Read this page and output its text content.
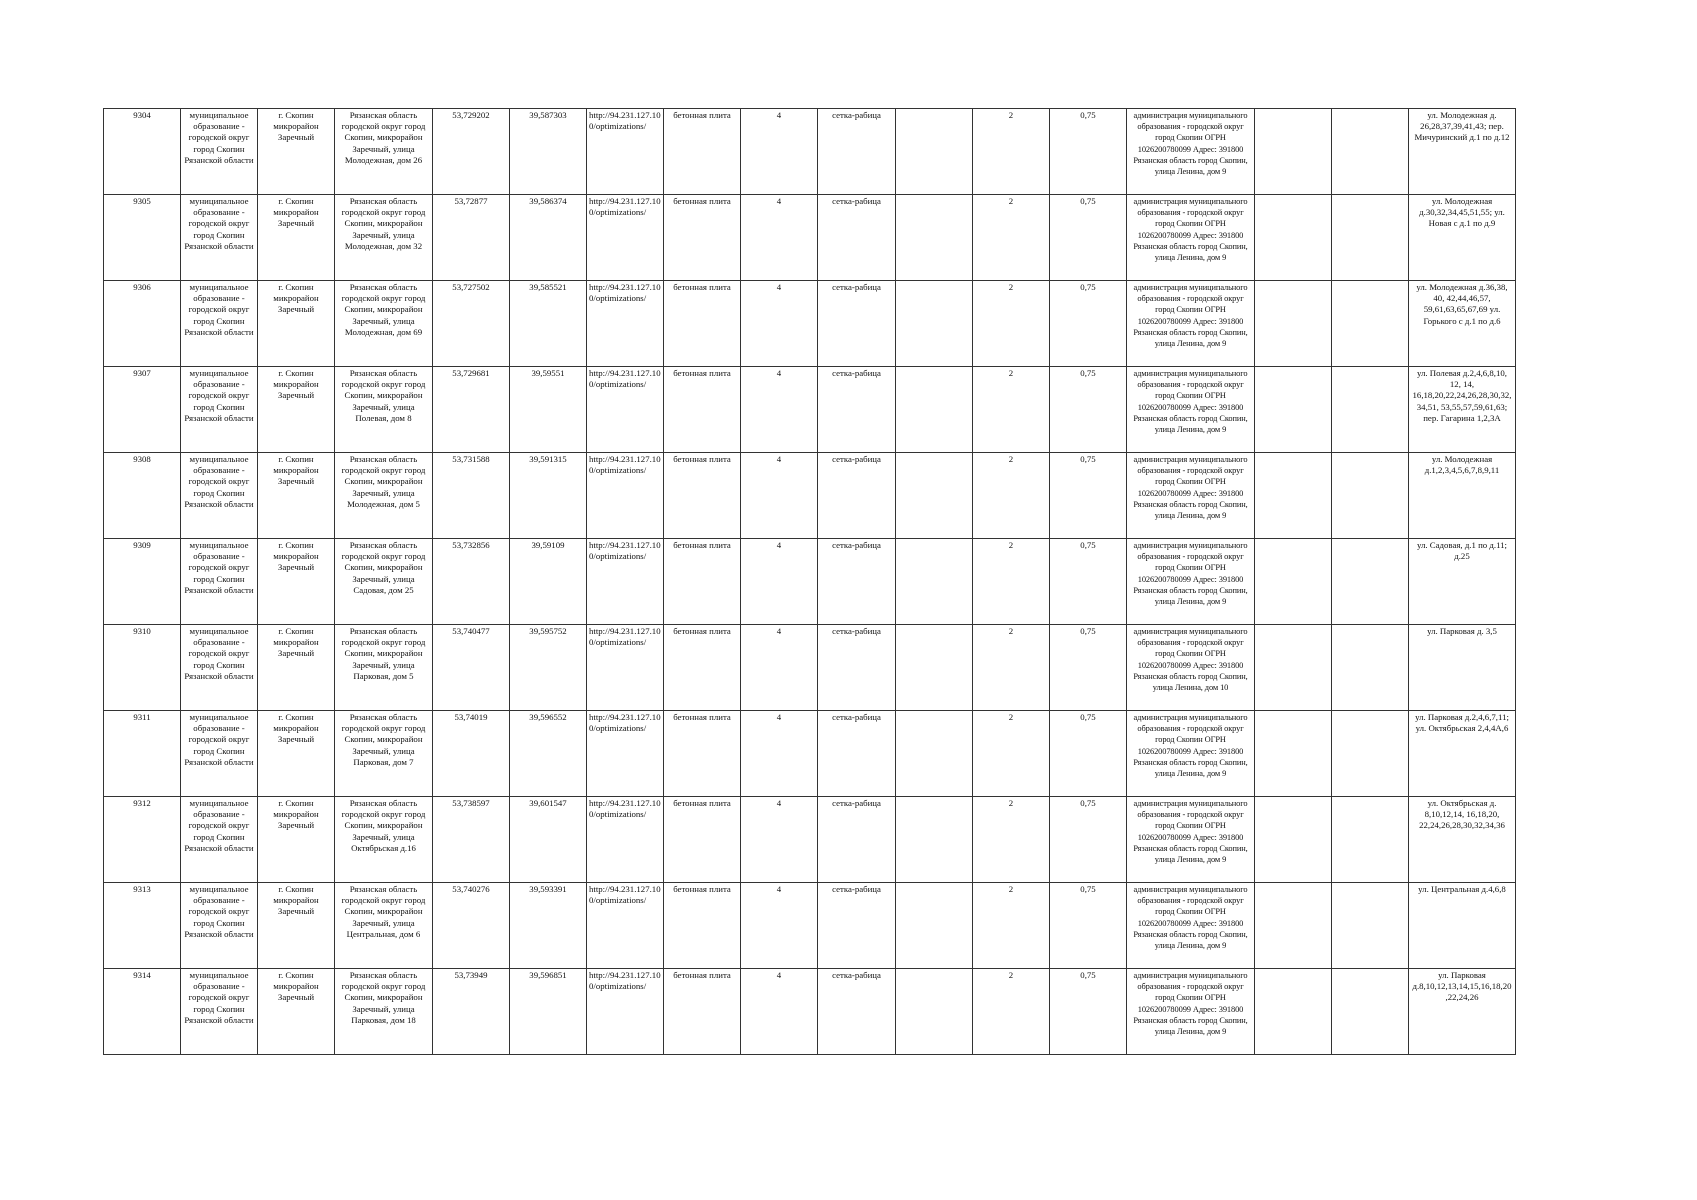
9304	муниципальное образование - городской округ город Скопин Рязанской области	г. Скопин микрорайон Заречный	Рязанская область городской округ город Скопин, микрорайон Заречный, улица Молодежная, дом 26	53,729202	39,587303	http://94.231.127.100/optimizations/	бетонная плита	4	сетка-рабица		2	0,75	администрация муниципального образования - городской округ город Скопин ОГРН 1026200780099 Адрес: 391800 Рязанская область город Скопин, улица Ленина, дом 9			ул. Молодежная д. 26,28,37,39,41,43; пер. Мичуринский д.1 по д.12
9305	муниципальное образование - городской округ город Скопин Рязанской области	г. Скопин микрорайон Заречный	Рязанская область городской округ город Скопин, микрорайон Заречный, улица Молодежная, дом 32	53,72877	39,586374	http://94.231.127.100/optimizations/	бетонная плита	4	сетка-рабица		2	0,75	администрация муниципального образования - городской округ город Скопин ОГРН 1026200780099 Адрес: 391800 Рязанская область город Скопин, улица Ленина, дом 9			ул. Молодежная д.30,32,34,45,51,55; ул. Новая с д.1 по д.9
9306	муниципальное образование - городской округ город Скопин Рязанской области	г. Скопин микрорайон Заречный	Рязанская область городской округ город Скопин, микрорайон Заречный, улица Молодежная, дом 69	53,727502	39,585521	http://94.231.127.100/optimizations/	бетонная плита	4	сетка-рабица		2	0,75	администрация муниципального образования - городской округ город Скопин ОГРН 1026200780099 Адрес: 391800 Рязанская область город Скопин, улица Ленина, дом 9			ул. Молодежная д.36,38, 40, 42,44,46,57, 59,61,63,65,67,69 ул. Горького с д.1 по д.6
9307	муниципальное образование - городской округ город Скопин Рязанской области	г. Скопин микрорайон Заречный	Рязанская область городской округ город Скопин, микрорайон Заречный, улица Полевая, дом 8	53,729681	39,59551	http://94.231.127.100/optimizations/	бетонная плита	4	сетка-рабица		2	0,75	администрация муниципального образования - городской округ город Скопин ОГРН 1026200780099 Адрес: 391800 Рязанская область город Скопин, улица Ленина, дом 9			ул. Полевая д.2,4,6,8,10, 12, 14, 16,18,20,22,24,26,28,30,32, 34,51, 53,55,57,59,61,63; пер. Гагарина 1,2,3А
9308	муниципальное образование - городской округ город Скопин Рязанской области	г. Скопин микрорайон Заречный	Рязанская область городской округ город Скопин, микрорайон Заречный, улица Молодежная, дом 5	53,731588	39,591315	http://94.231.127.100/optimizations/	бетонная плита	4	сетка-рабица		2	0,75	администрация муниципального образования - городской округ город Скопин ОГРН 1026200780099 Адрес: 391800 Рязанская область город Скопин, улица Ленина, дом 9			ул. Молодежная д.1,2,3,4,5,6,7,8,9,11
9309	муниципальное образование - городской округ город Скопин Рязанской области	г. Скопин микрорайон Заречный	Рязанская область городской округ город Скопин, микрорайон Заречный, улица Садовая, дом 25	53,732856	39,59109	http://94.231.127.100/optimizations/	бетонная плита	4	сетка-рабица		2	0,75	администрация муниципального образования - городской округ город Скопин ОГРН 1026200780099 Адрес: 391800 Рязанская область город Скопин, улица Ленина, дом 9			ул. Садовая, д.1 по д.11; д.25
9310	муниципальное образование - городской округ город Скопин Рязанской области	г. Скопин микрорайон Заречный	Рязанская область городской округ город Скопин, микрорайон Заречный, улица Парковая, дом 5	53,740477	39,595752	http://94.231.127.100/optimizations/	бетонная плита	4	сетка-рабица		2	0,75	администрация муниципального образования - городской округ город Скопин ОГРН 1026200780099 Адрес: 391800 Рязанская область город Скопин, улица Ленина, дом 10			ул. Парковая д. 3,5
9311	муниципальное образование - городской округ город Скопин Рязанской области	г. Скопин микрорайон Заречный	Рязанская область городской округ город Скопин, микрорайон Заречный, улица Парковая, дом 7	53,74019	39,596552	http://94.231.127.100/optimizations/	бетонная плита	4	сетка-рабица		2	0,75	администрация муниципального образования - городской округ город Скопин ОГРН 1026200780099 Адрес: 391800 Рязанская область город Скопин, улица Ленина, дом 9			ул. Парковая д.2,4,6,7,11; ул. Октябрьская 2,4,4А,6
9312	муниципальное образование - городской округ город Скопин Рязанской области	г. Скопин микрорайон Заречный	Рязанская область городской округ город Скопин, микрорайон Заречный, улица Октябрьская д.16	53,738597	39,601547	http://94.231.127.100/optimizations/	бетонная плита	4	сетка-рабица		2	0,75	администрация муниципального образования - городской округ город Скопин ОГРН 1026200780099 Адрес: 391800 Рязанская область город Скопин, улица Ленина, дом 9			ул. Октябрьская д. 8,10,12,14, 16,18,20, 22,24,26,28,30,32,34,36
9313	муниципальное образование - городской округ город Скопин Рязанской области	г. Скопин микрорайон Заречный	Рязанская область городской округ город Скопин, микрорайон Заречный, улица Центральная, дом 6	53,740276	39,593391	http://94.231.127.100/optimizations/	бетонная плита	4	сетка-рабица		2	0,75	администрация муниципального образования - городской округ город Скопин ОГРН 1026200780099 Адрес: 391800 Рязанская область город Скопин, улица Ленина, дом 9			ул. Центральная д.4,6,8
9314	муниципальное образование - городской округ город Скопин Рязанской области	г. Скопин микрорайон Заречный	Рязанская область городской округ город Скопин, микрорайон Заречный, улица Парковая, дом 18	53,73949	39,596851	http://94.231.127.100/optimizations/	бетонная плита	4	сетка-рабица		2	0,75	администрация муниципального образования - городской округ город Скопин ОГРН 1026200780099 Адрес: 391800 Рязанская область город Скопин, улица Ленина, дом 9			ул. Парковая д.8,10,12,13,14,15,16,18,20 ,22,24,26
